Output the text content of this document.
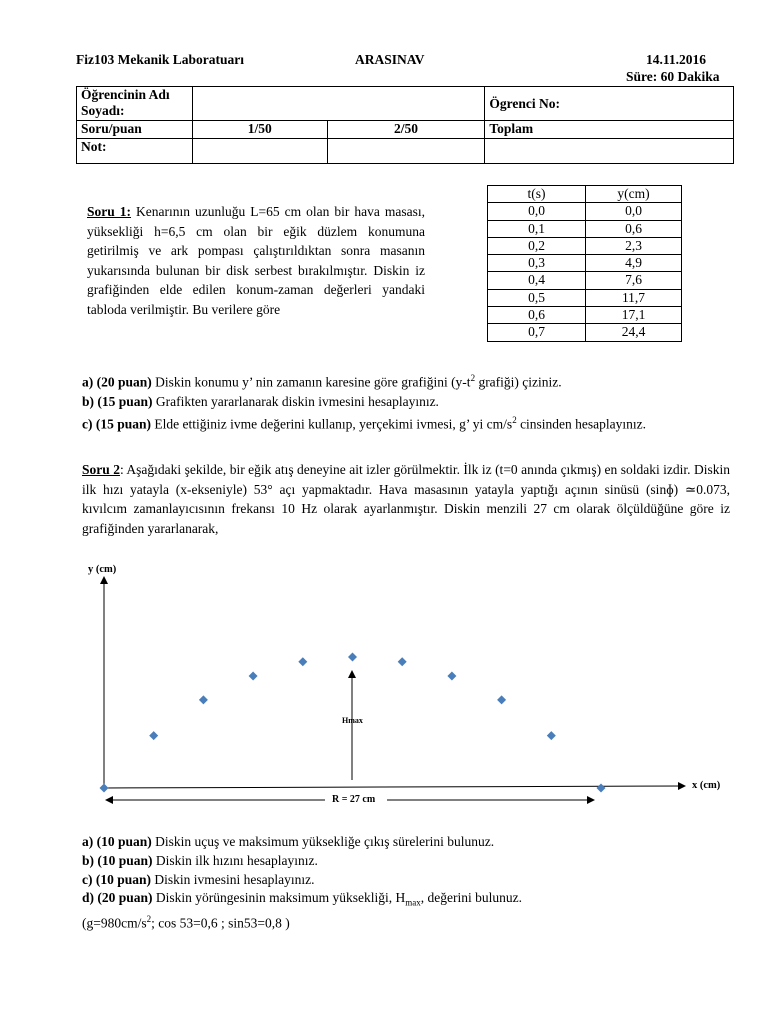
Fiz103 Mekanik Laboratuarı	ARASINAV	14.11.2016
Süre: 60 Dakika
Öğrencinin Adı Soyadı:			Ögrenci No:
Soru/puan	1/50	2/50	Toplam
Not:			
Soru 1: Kenarının uzunluğu L=65 cm olan bir hava masası, yüksekliği h=6,5 cm olan bir eğik düzlem konumuna getirilmiş ve ark pompası çalıştırıldıktan sonra masanın yukarısında bulunan bir disk serbest bırakılmıştır. Diskin iz grafiğinden elde edilen konum-zaman değerleri yandaki tabloda verilmiştir. Bu verilere göre
t(s)	y(cm)
0,0	0,0
0,1	0,6
0,2	2,3
0,3	4,9
0,4	7,6
0,5	11,7
0,6	17,1
0,7	24,4
a) (20 puan) Diskin konumu y’ nin zamanın karesine göre grafiğini ($y-t^2$ grafiği) çiziniz.
b) (15 puan) Grafikten yararlanarak diskin ivmesini hesaplayınız.
c) (15 puan) Elde ettiğiniz ivme değerini kullanıp, yerçekimi ivmesi, g’ yi $cm/s^2$ cinsinden hesaplayınız.
Soru 2: Aşağıdaki şekilde, bir eğik atış deneyine ait izler görülmektir. İlk iz (t=0 anında çıkmış) en soldaki izdir. Diskin ilk hızı yatayla (x-ekseniyle) 53° açı yapmaktadır. Hava masasının yatayla yaptığı açının sinüsü (sinɸ) ≃0.073, kıvılcım zamanlayıcısının frekansı 10 Hz olarak ayarlanmıştır. Diskin menzili 27 cm olarak ölçüldüğüne göre iz grafiğinden yararlanarak,
y (cm)
x (cm)
Hmax
R = 27 cm
a) (10 puan) Diskin uçuş ve maksimum yüksekliğe çıkış sürelerini bulunuz.
b) (10 puan) Diskin ilk hızını hesaplayınız.
c) (10 puan) Diskin ivmesini hesaplayınız.
d) (20 puan) Diskin yörüngesinin maksimum yüksekliği, $H_{max}$, değerini bulunuz.
($g=980cm/s^2$; cos 53=0,6 ; sin53=0,8 )
